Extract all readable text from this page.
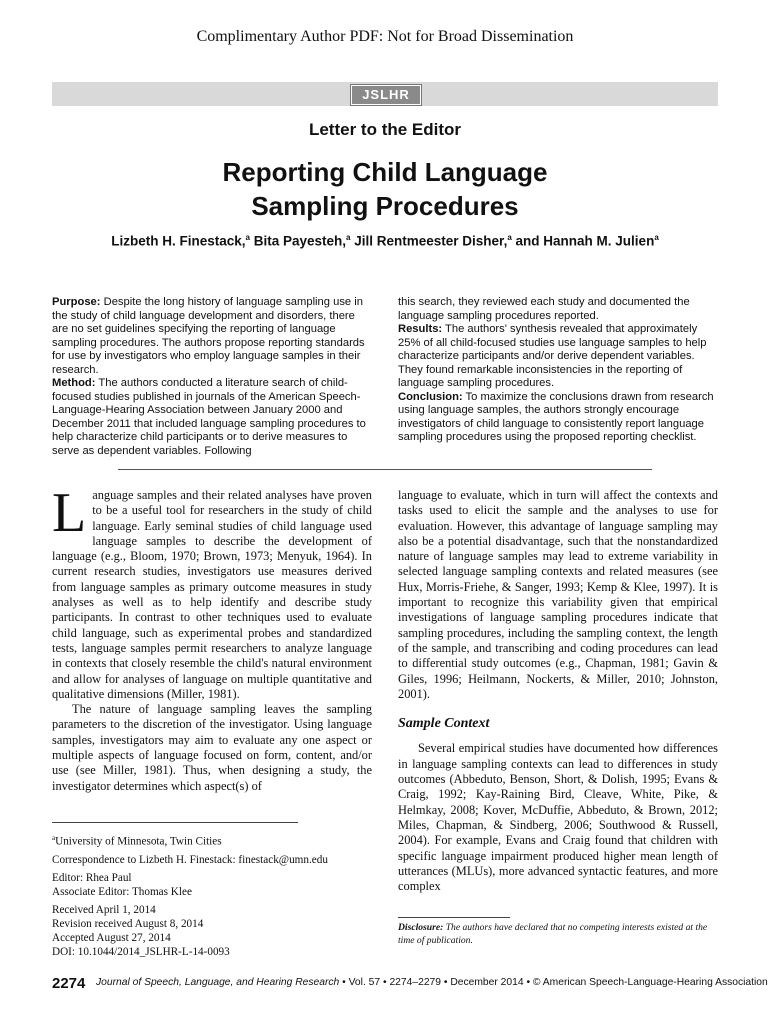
Complimentary Author PDF: Not for Broad Dissemination
JSLHR
Letter to the Editor
Reporting Child Language
Sampling Procedures
Lizbeth H. Finestack,$^a$ Bita Payesteh,$^a$ Jill Rentmeester Disher,$^a$ and Hannah M. Julien$^a$

Purpose: Despite the long history of language sampling use in the study of child language development and disorders, there are no set guidelines specifying the reporting of language sampling procedures. The authors propose reporting standards for use by investigators who employ language samples in their research.

Method: The authors conducted a literature search of child-focused studies published in journals of the American Speech-Language-Hearing Association between January 2000 and December 2011 that included language sampling procedures to help characterize child participants or to derive measures to serve as dependent variables. Following

this search, they reviewed each study and documented the language sampling procedures reported.

Results: The authors' synthesis revealed that approximately 25% of all child-focused studies use language samples to help characterize participants and/or derive dependent variables. They found remarkable inconsistencies in the reporting of language sampling procedures.

Conclusion: To maximize the conclusions drawn from research using language samples, the authors strongly encourage investigators of child language to consistently report language sampling procedures using the proposed reporting checklist.

Language samples and their related analyses have proven to be a useful tool for researchers in the study of child language. Early seminal studies of child language used language samples to describe the development of language (e.g., Bloom, 1970; Brown, 1973; Menyuk, 1964). In current research studies, investigators use measures derived from language samples as primary outcome measures in study analyses as well as to help identify and describe study participants. In contrast to other techniques used to evaluate child language, such as experimental probes and standardized tests, language samples permit researchers to analyze language in contexts that closely resemble the child's natural environment and allow for analyses of language on multiple quantitative and qualitative dimensions (Miller, 1981).

The nature of language sampling leaves the sampling parameters to the discretion of the investigator. Using language samples, investigators may aim to evaluate any one aspect or multiple aspects of language focused on form, content, and/or use (see Miller, 1981). Thus, when designing a study, the investigator determines which aspect(s) of

language to evaluate, which in turn will affect the contexts and tasks used to elicit the sample and the analyses to use for evaluation. However, this advantage of language sampling may also be a potential disadvantage, such that the nonstandardized nature of language samples may lead to extreme variability in selected language sampling contexts and related measures (see Hux, Morris-Friehe, & Sanger, 1993; Kemp & Klee, 1997). It is important to recognize this variability given that empirical investigations of language sampling procedures indicate that sampling procedures, including the sampling context, the length of the sample, and transcribing and coding procedures can lead to differential study outcomes (e.g., Chapman, 1981; Gavin & Giles, 1996; Heilmann, Nockerts, & Miller, 2010; Johnston, 2001).

Sample Context

Several empirical studies have documented how differences in language sampling contexts can lead to differences in study outcomes (Abbeduto, Benson, Short, & Dolish, 1995; Evans & Craig, 1992; Kay-Raining Bird, Cleave, White, Pike, & Helmkay, 2008; Kover, McDuffie, Abbeduto, & Brown, 2012; Miles, Chapman, & Sindberg, 2006; Southwood & Russell, 2004). For example, Evans and Craig found that children with specific language impairment produced higher mean length of utterances (MLUs), more advanced syntactic features, and more complex

$^a$University of Minnesota, Twin Cities
Correspondence to Lizbeth H. Finestack: finestack@umn.edu
Editor: Rhea Paul
Associate Editor: Thomas Klee
Received April 1, 2014
Revision received August 8, 2014
Accepted August 27, 2014
DOI: 10.1044/2014_JSLHR-L-14-0093
Disclosure: The authors have declared that no competing interests existed at the time of publication.
2274 Journal of Speech, Language, and Hearing Research • Vol. 57 • 2274–2279 • December 2014 • © American Speech-Language-Hearing Association
